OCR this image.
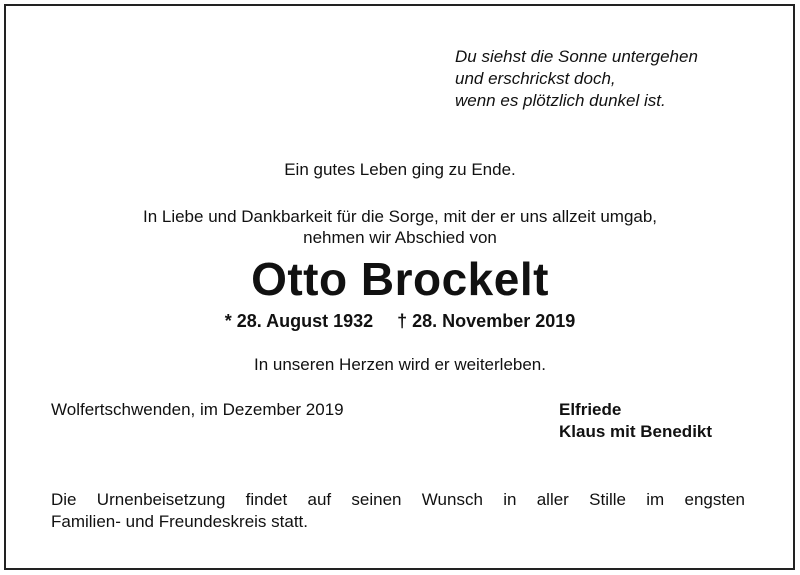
Du siehst die Sonne untergehen
und erschrickst doch,
wenn es plötzlich dunkel ist.

Ein gutes Leben ging zu Ende.

In Liebe und Dankbarkeit für die Sorge, mit der er uns allzeit umgab,

nehmen wir Abschied von

Otto Brockelt

* 28. August 1932 † 28. November 2019

In unseren Herzen wird er weiterleben.

Wolfertschwenden, im Dezember 2019	Elfriede
Klaus mit Benedikt
Die Urnenbeisetzung findet auf seinen Wunsch in aller Stille im engsten
Familien- und Freundeskreis statt.
